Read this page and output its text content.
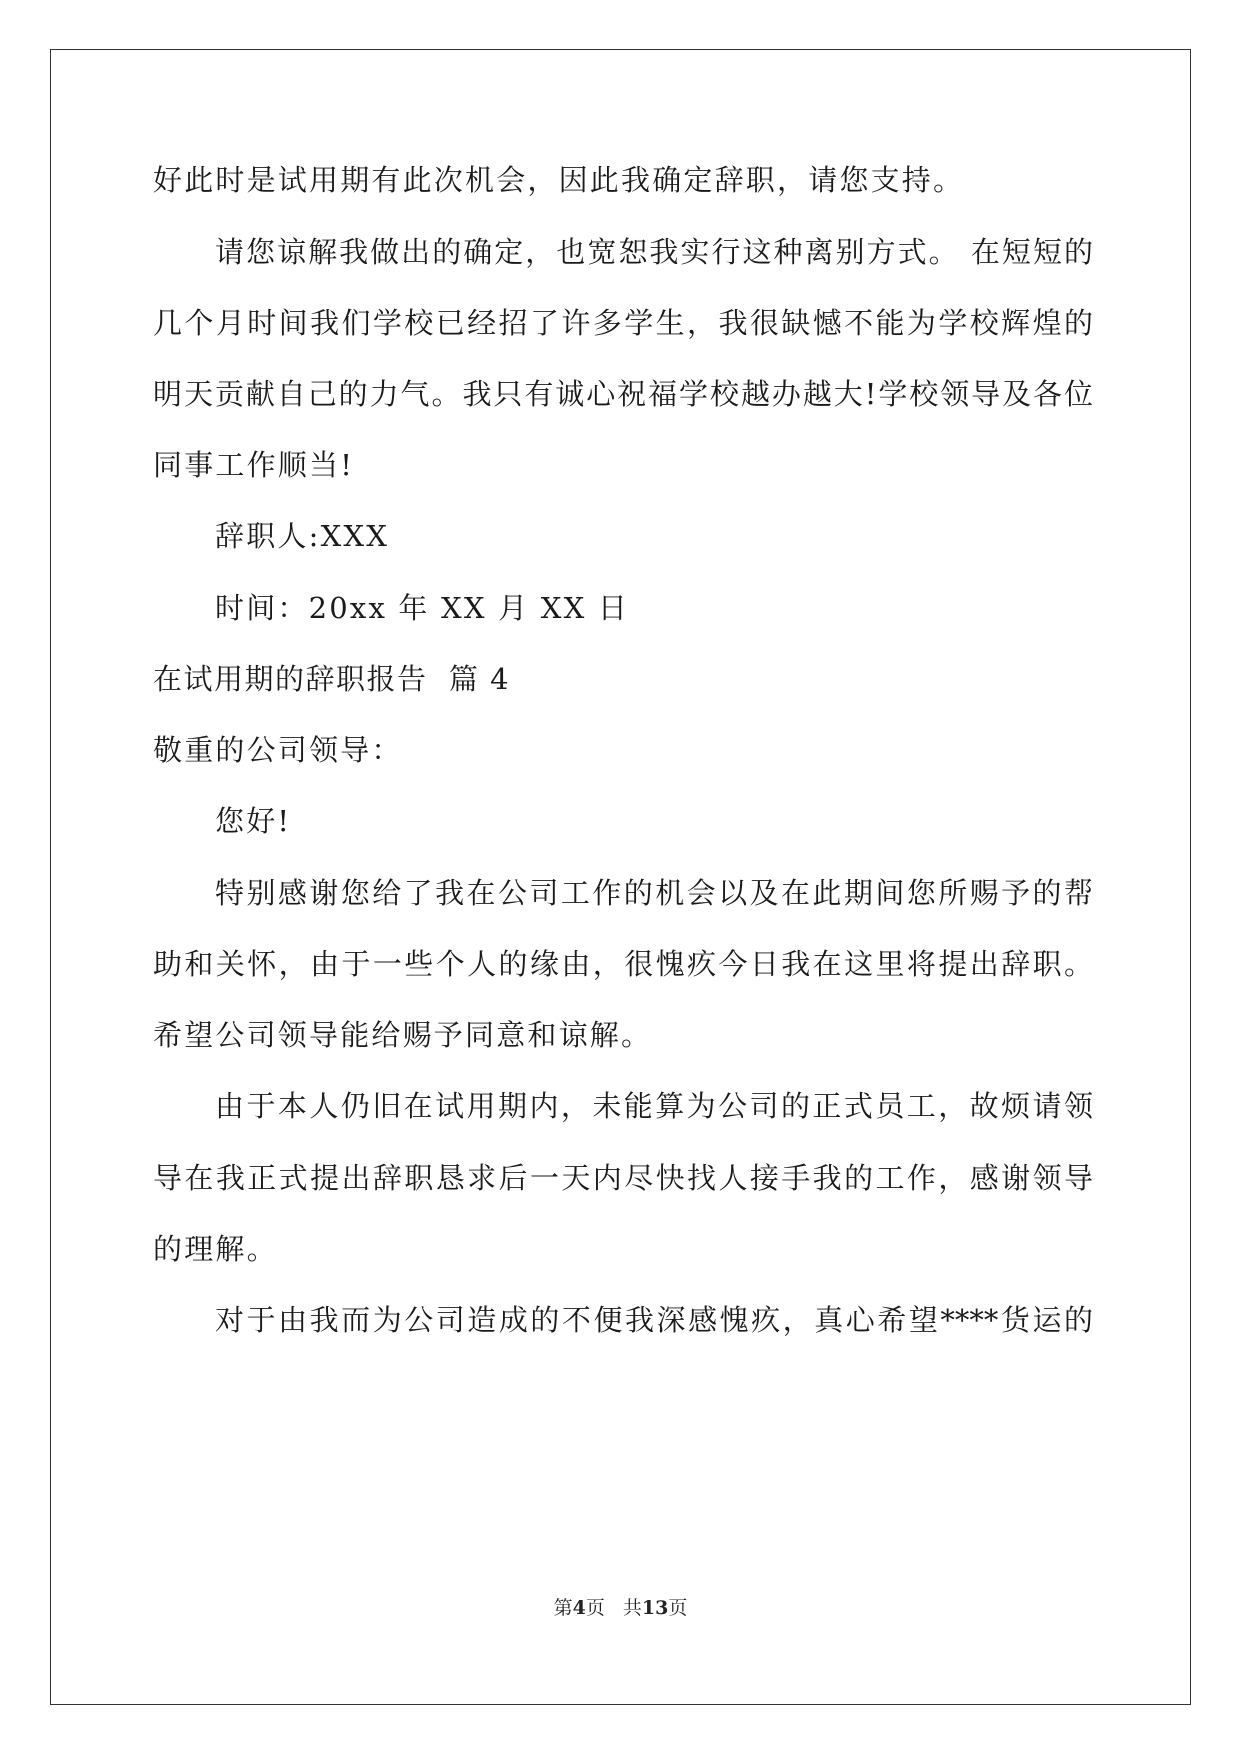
好此时是试用期有此次机会，因此我确定辞职，请您支持。
请您谅解我做出的确定，也宽恕我实行这种离别方式。 在短短的
几个月时间我们学校已经招了许多学生，我很缺憾不能为学校辉煌的
明天贡献自己的力气。我只有诚心祝福学校越办越大!学校领导及各位
同事工作顺当!
辞职人:XXX
时间：20xx 年 XX 月 XX 日
在试用期的辞职报告  篇 4
敬重的公司领导：
您好!
特别感谢您给了我在公司工作的机会以及在此期间您所赐予的帮
助和关怀，由于一些个人的缘由，很愧疚今日我在这里将提出辞职。
希望公司领导能给赐予同意和谅解。
由于本人仍旧在试用期内，未能算为公司的正式员工，故烦请领
导在我正式提出辞职恳求后一天内尽快找人接手我的工作，感谢领导
的理解。
对于由我而为公司造成的不便我深感愧疚，真心希望****货运的
第4页 共13页
